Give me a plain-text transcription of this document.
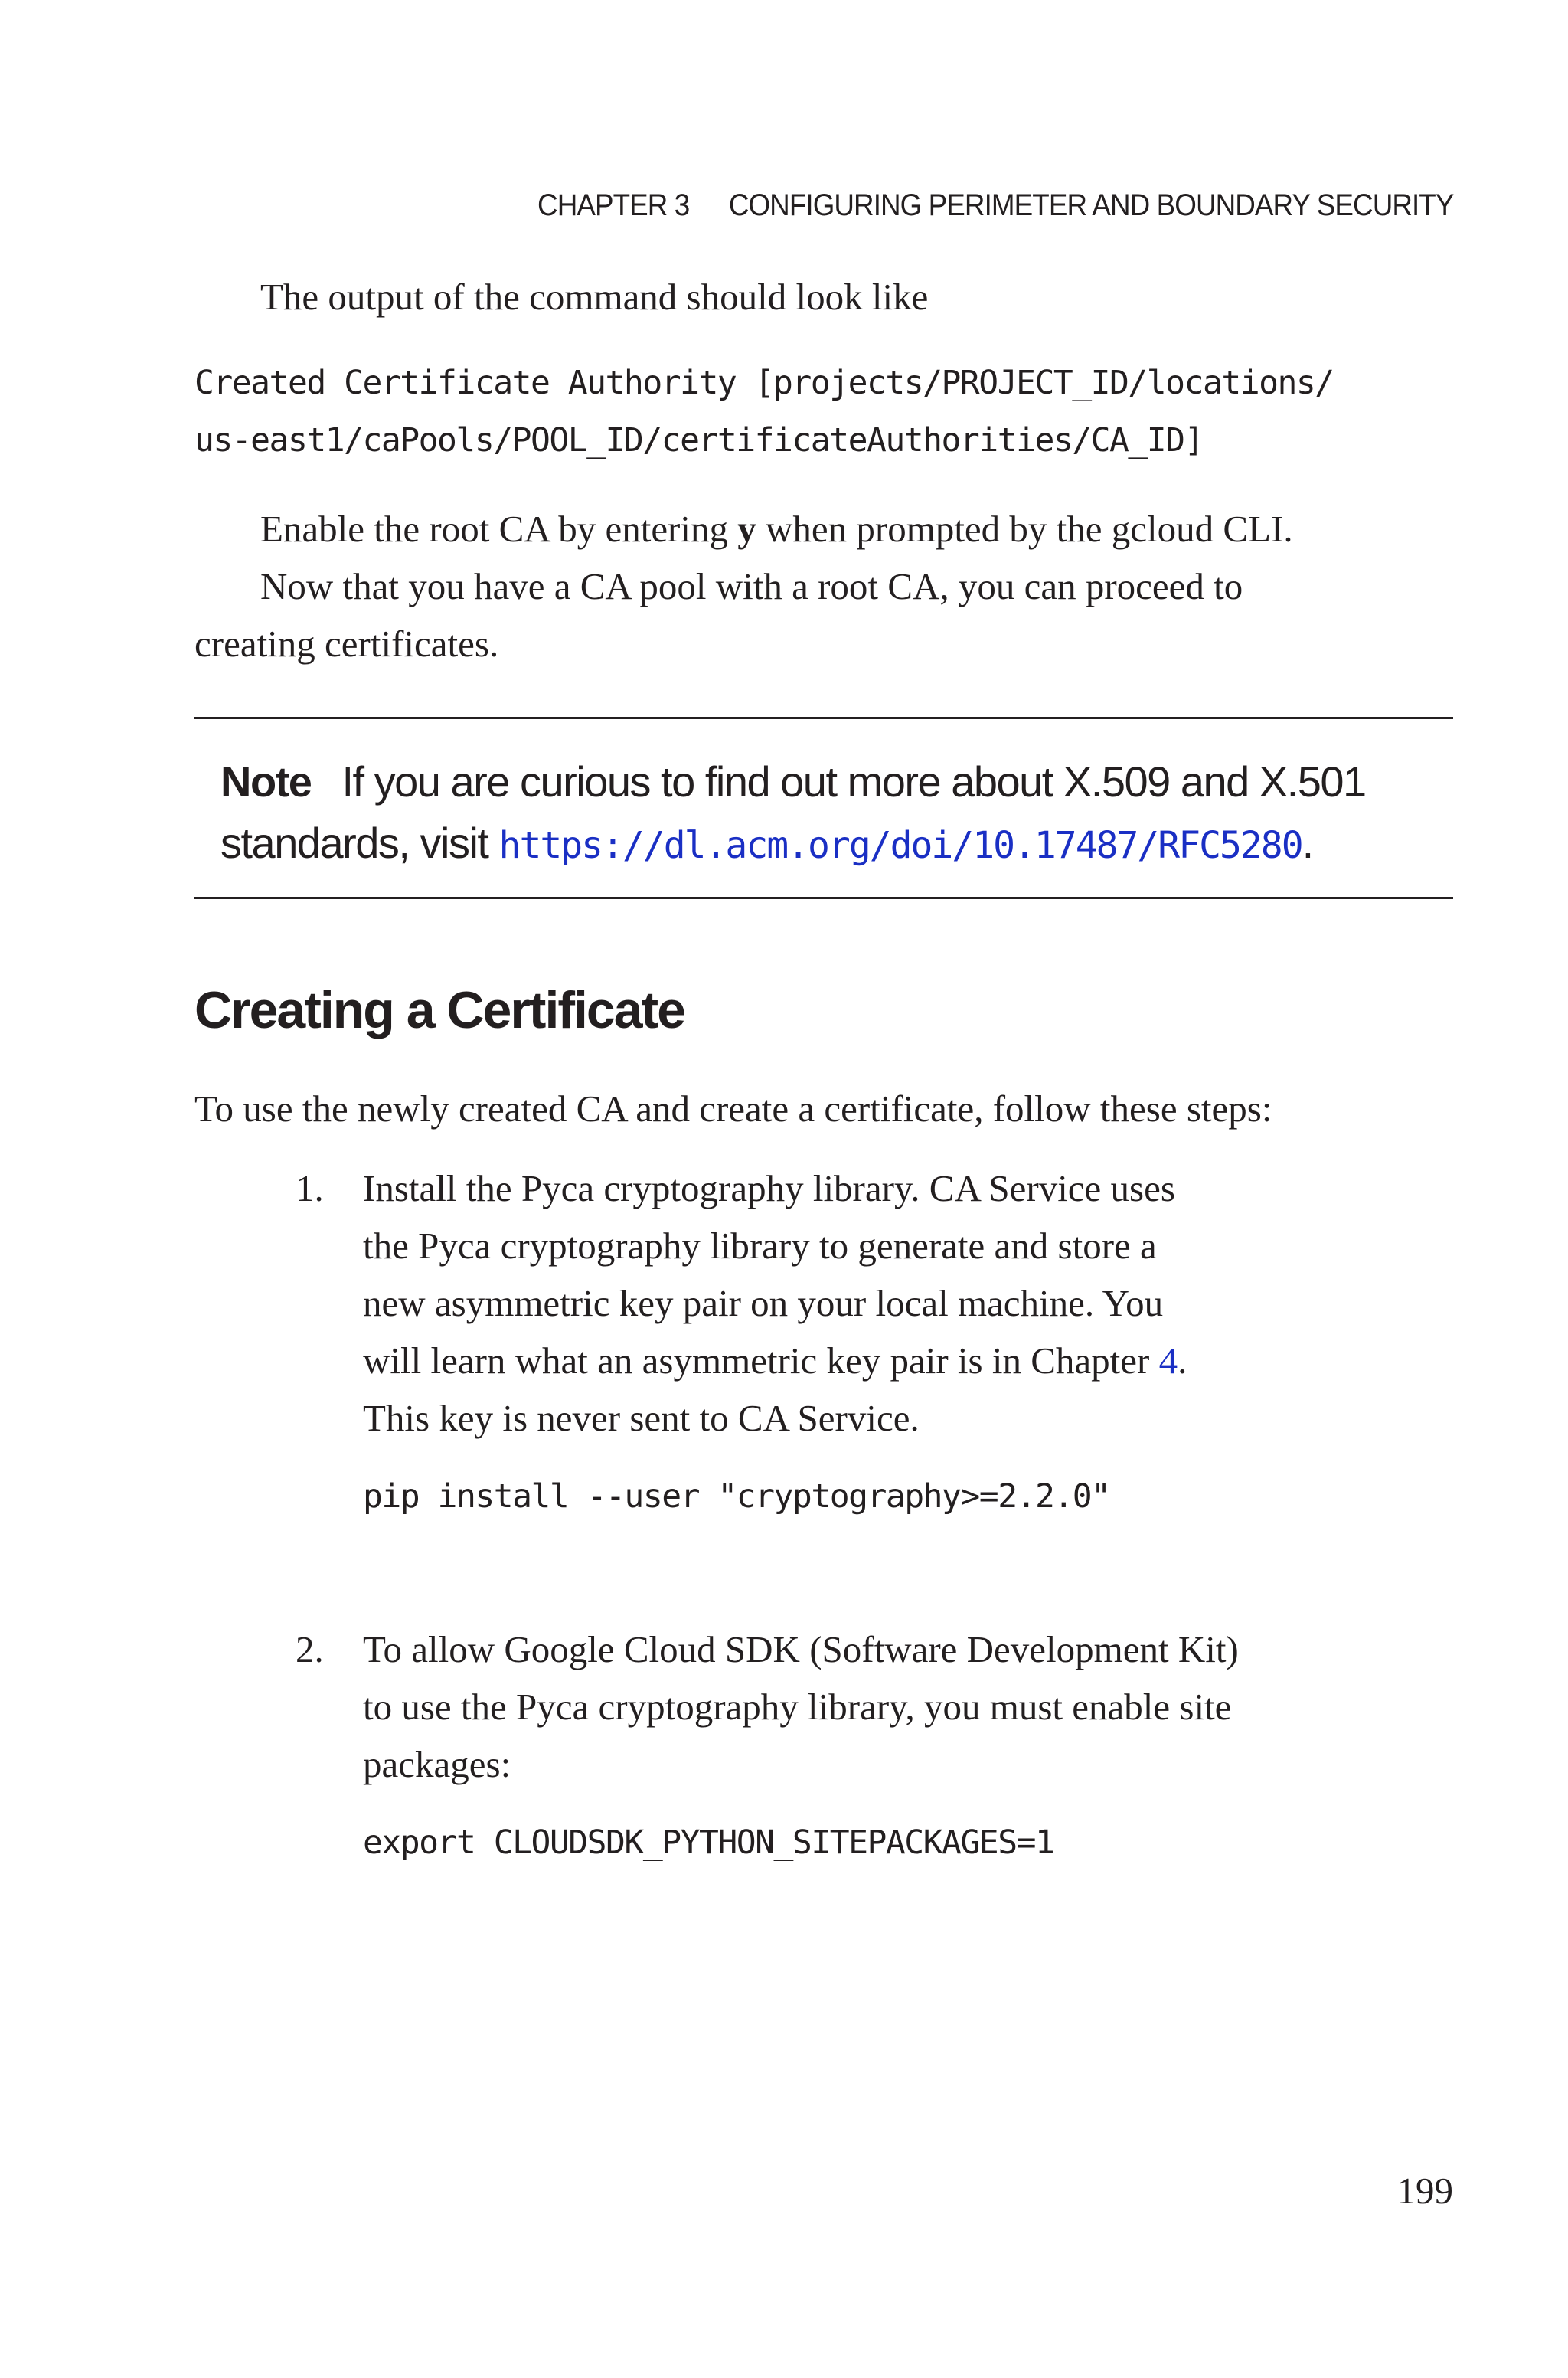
CHAPTER 3 CONFIGURING PERIMETER AND BOUNDARY SECURITY

The output of the command should look like

Created Certificate Authority [projects/PROJECT_ID/locations/

us-east1/caPools/POOL_ID/certificateAuthorities/CA_ID]

Enable the root CA by entering y when prompted by the gcloud CLI.

Now that you have a CA pool with a root CA, you can proceed to creating certificates.

Note If you are curious to find out more about X.509 and X.501 standards, visit https://dl.acm.org/doi/10.17487/RFC5280.
Creating a Certificate

To use the newly created CA and create a certificate, follow these steps:

1. Install the Pyca cryptography library. CA Service uses the Pyca cryptography library to generate and store a new asymmetric key pair on your local machine. You will learn what an asymmetric key pair is in Chapter 4. This key is never sent to CA Service.

pip install --user "cryptography>=2.2.0"

2. To allow Google Cloud SDK (Software Development Kit) to use the Pyca cryptography library, you must enable site packages:

export CLOUDSDK_PYTHON_SITEPACKAGES=1

199
